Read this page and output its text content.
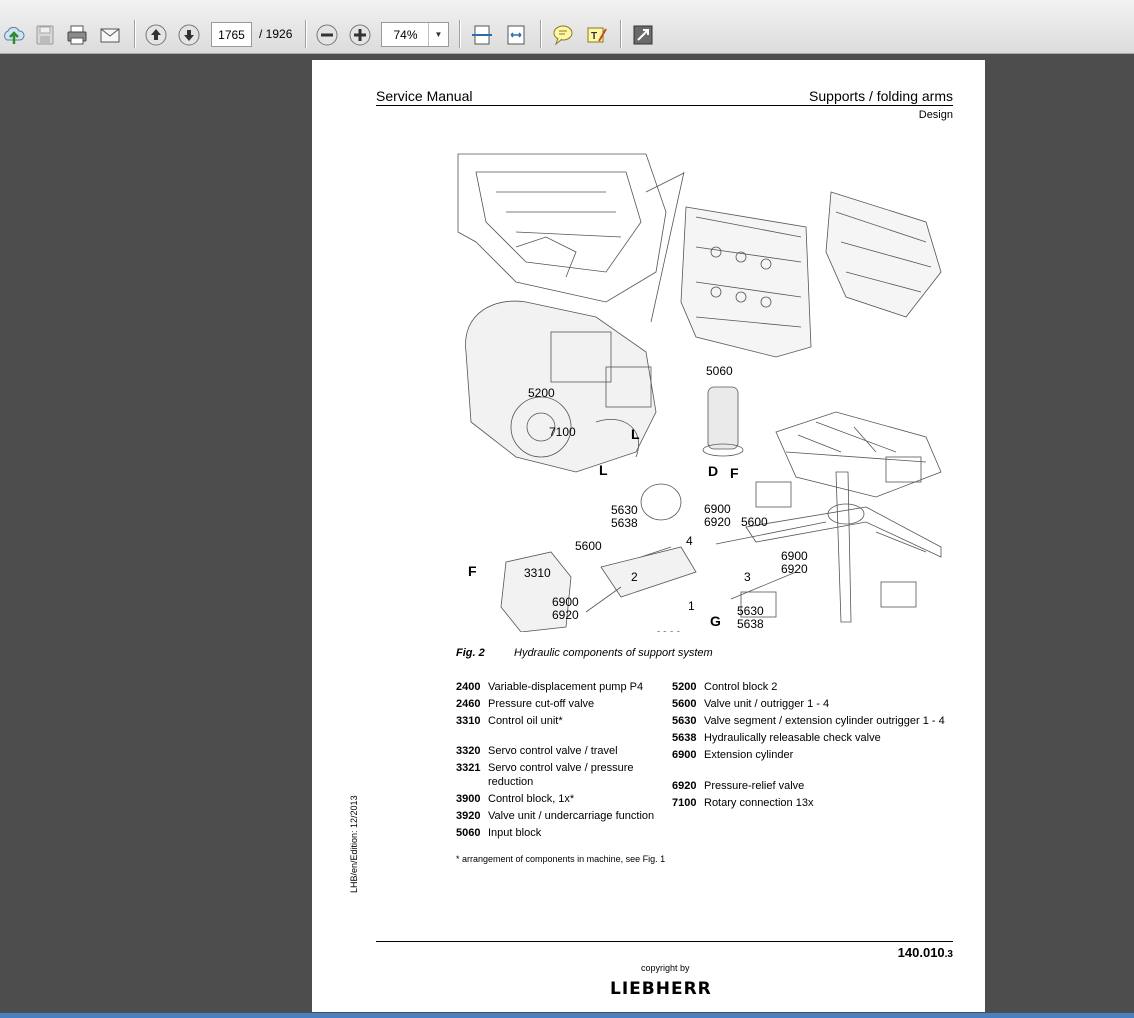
1765	/ 1926	74%	▼	T
Service Manual	Supports / folding arms
Design
5200
5060
7100
L
L
D F
5630
5638
6900
6920
5600
5600
4
6900
6920
3310
F	2
6900
6920
3
1
G
5630
5638
Fig. 2	Hydraulic components of support system
2400 Variable-displacement pump P4
2460 Pressure cut-off valve
3310 Control oil unit*
3320 Servo control valve / travel
3321 Servo control valve / pressure reduction
3900 Control block, 1x*
3920 Valve unit / undercarriage function
5060 Input block
5200 Control block 2
5600 Valve unit / outrigger 1 - 4
5630 Valve segment / extension cylinder outrigger 1 - 4
5638 Hydraulically releasable check valve
6900 Extension cylinder
6920 Pressure-relief valve
7100 Rotary connection 13x
* arrangement of components in machine, see Fig. 1
LHB/en/Edition: 12/2013
140.010.3
copyright by
LIEBHERR
